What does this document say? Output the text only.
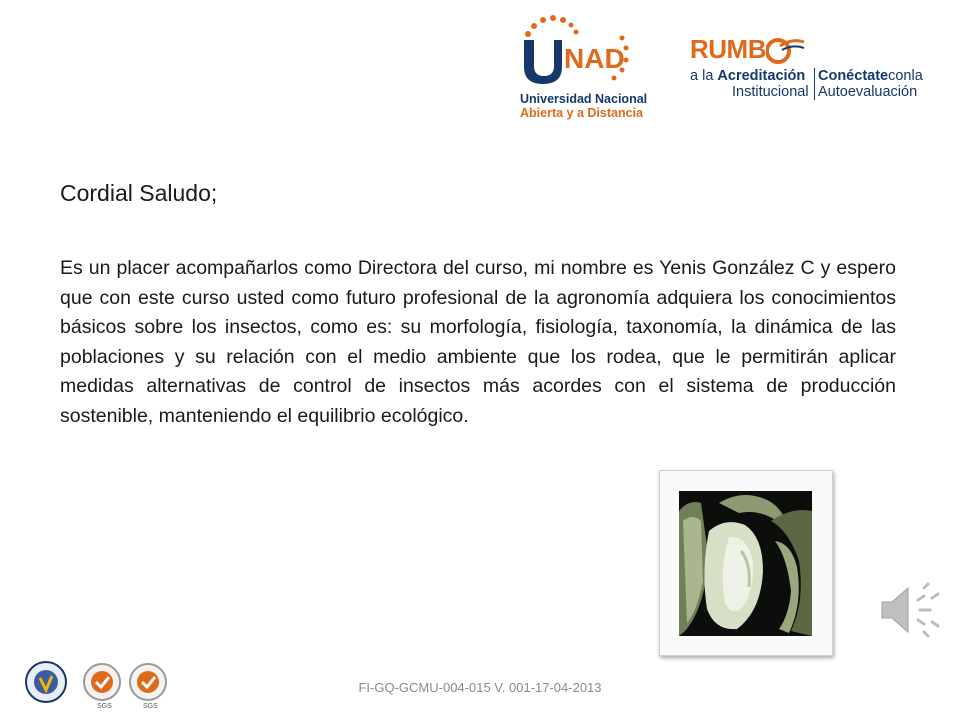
NAD
Universidad Nacional
Abierta y a Distancia
RUMB
a la Acreditación
Institucional
Conéctateconla
Autoevaluación
Cordial Saludo;
Es un placer acompañarlos como Directora del curso, mi nombre es Yenis González C y espero que con este curso usted como futuro profesional de la agronomía adquiera los conocimientos básicos sobre los insectos, como es: su morfología, fisiología, taxonomía, la dinámica de las poblaciones y su relación con el medio ambiente que los rodea, que le permitirán aplicar medidas alternativas de control de insectos más acordes con el sistema de producción sostenible, manteniendo el equilibrio ecológico.
SGS	SGS
FI-GQ-GCMU-004-015 V. 001-17-04-2013
